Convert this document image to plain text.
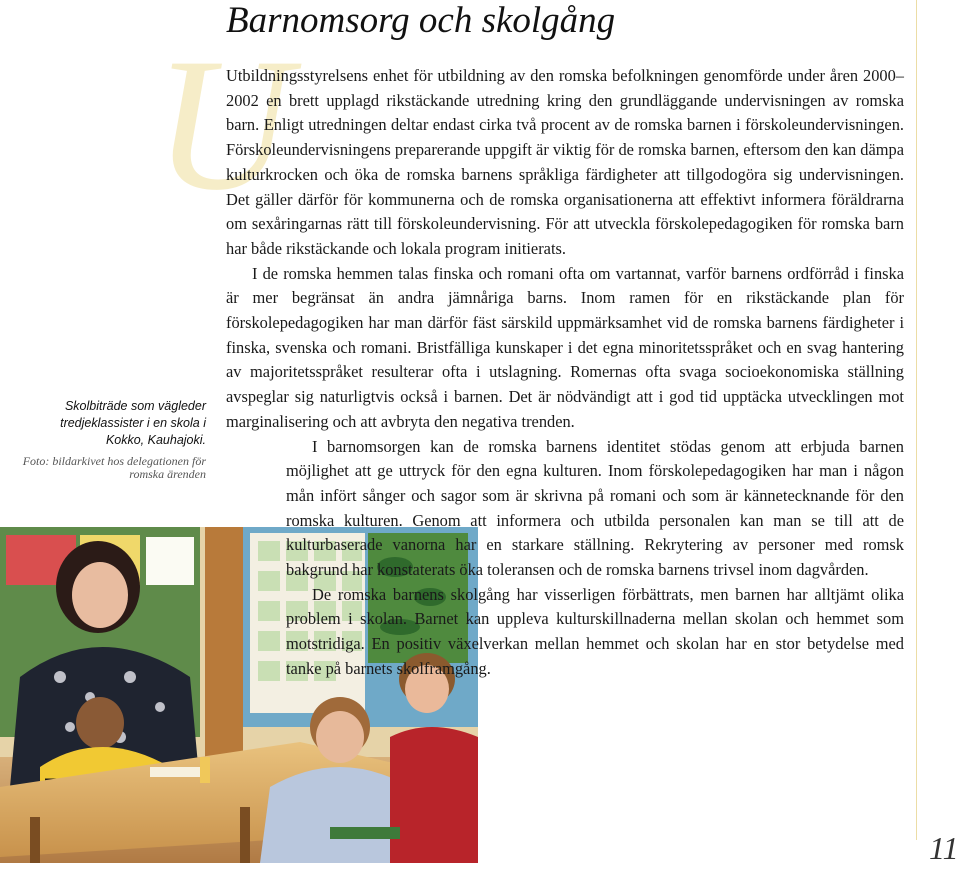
U
Barnomsorg och skolgång
Skolbiträde som vägleder tredjeklassister i en skola i Kokko, Kauhajoki.
Foto: bildarkivet hos delegationen för romska ärenden

Utbildningsstyrelsens enhet för utbildning av den romska befolkningen genomförde under åren 2000–2002 en brett upplagd rikstäckande utredning kring den grundläggande undervisningen av romska barn. Enligt utredningen deltar endast cirka två procent av de romska barnen i förskoleundervisningen. Förskoleundervisningens preparerande uppgift är viktig för de romska barnen, eftersom den kan dämpa kulturkrocken och öka de romska barnens språkliga färdigheter att tillgodogöra sig undervisningen. Det gäller därför för kommunerna och de romska organisationerna att effektivt informera föräldrarna om sexåringarnas rätt till förskoleundervisning. För att utveckla förskolepedagogiken för romska barn har både rikstäckande och lokala program initierats.

I de romska hemmen talas finska och romani ofta om vartannat, varför barnens ordförråd i finska är mer begränsat än andra jämnåriga barns. Inom ramen för en rikstäckande plan för förskolepedagogiken har man därför fäst särskild uppmärksamhet vid de romska barnens färdigheter i finska, svenska och romani. Bristfälliga kunskaper i det egna minoritetsspråket och en svag hantering av majoritetsspråket resulterar ofta i utslagning. Romernas ofta svaga socioekonomiska ställning avspeglar sig naturligtvis också i barnen. Det är nödvändigt att i god tid upptäcka utvecklingen mot marginalisering och att avbryta den negativa trenden.

I barnomsorgen kan de romska barnens identitet stödas genom att erbjuda barnen möjlighet att ge uttryck för den egna kulturen. Inom förskolepedagogiken har man i någon mån infört sånger och sagor som är skrivna på romani och som är kännetecknande för den romska kulturen. Genom att informera och utbilda personalen kan man se till att de kulturbaserade vanorna har en starkare ställning. Rekrytering av personer med romsk bakgrund har konstaterats öka toleransen och de romska barnens trivsel inom dagvården.

De romska barnens skolgång har visserligen förbättrats, men barnen har alltjämt olika problem i skolan. Barnet kan uppleva kulturskillnaderna mellan skolan och hemmet som motstridiga. En positiv växelverkan mellan hemmet och skolan har en stor betydelse med tanke på barnets skolframgång.

11
